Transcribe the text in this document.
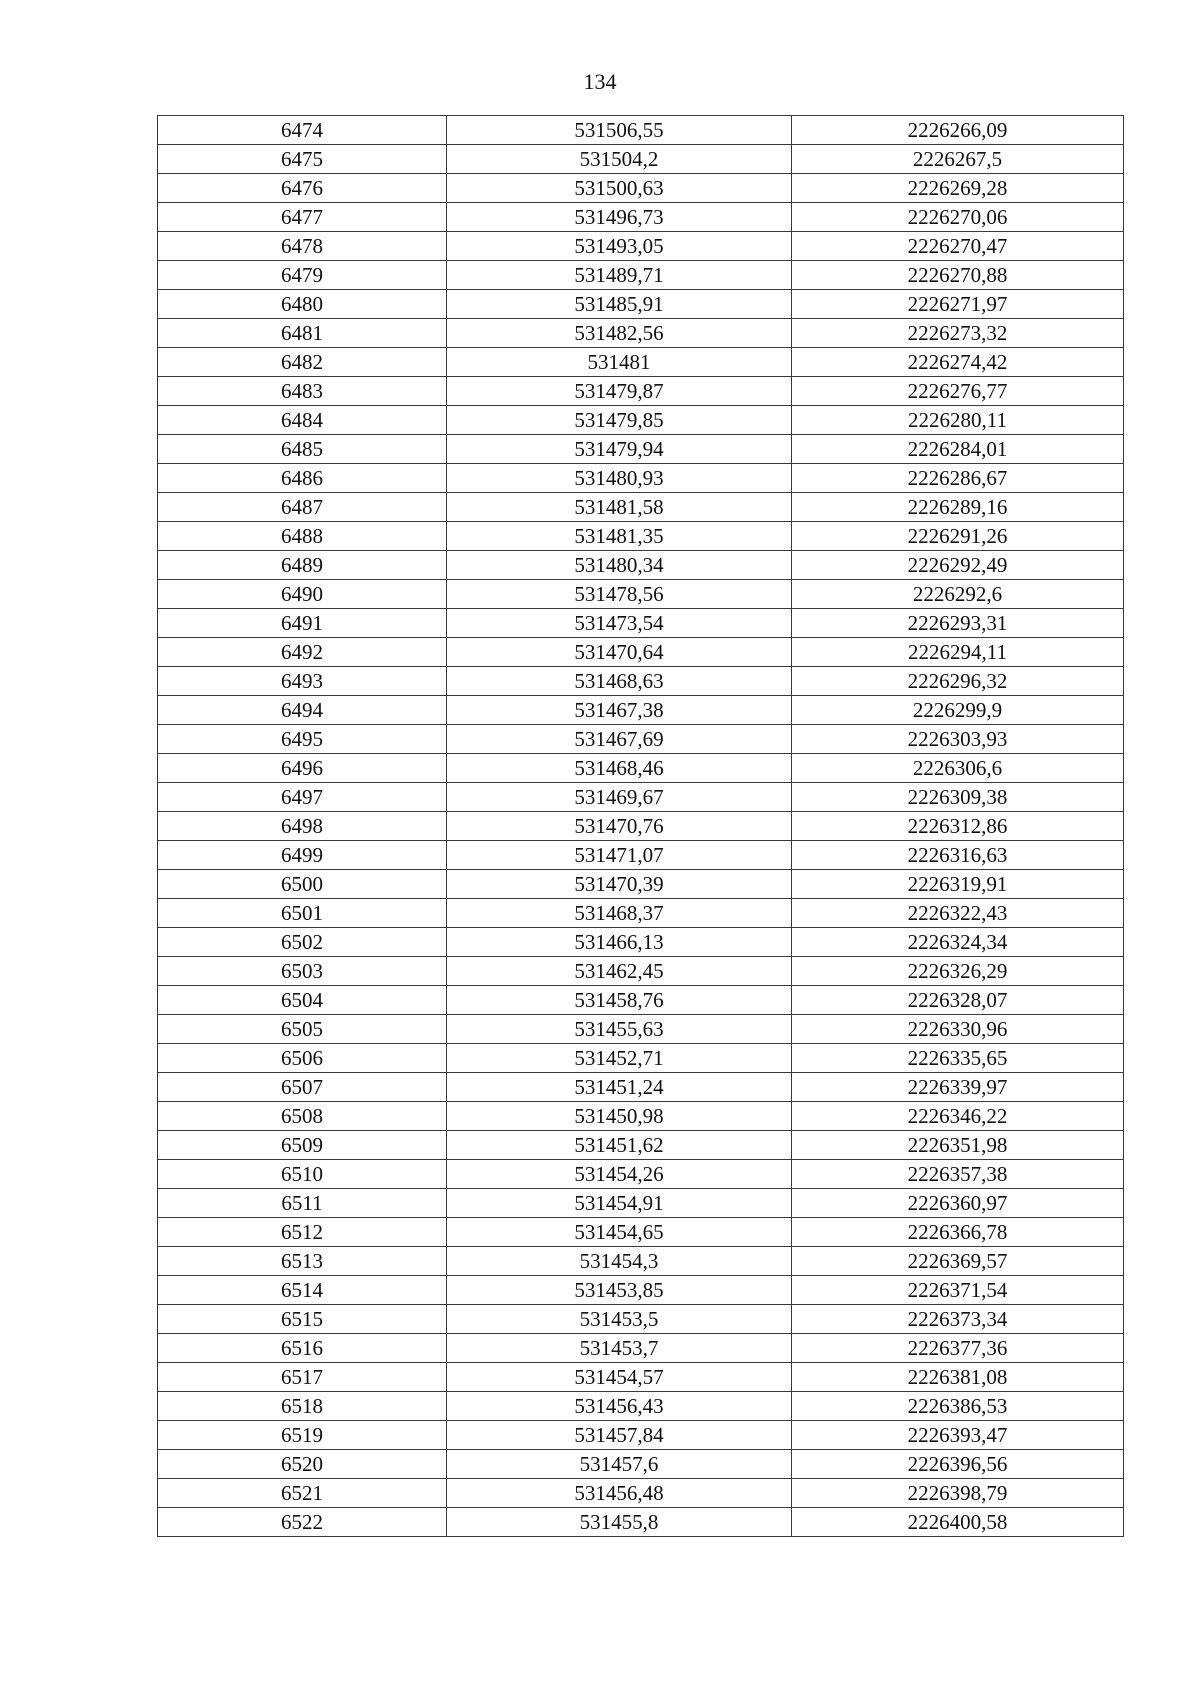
134
6474	531506,55	2226266,09
6475	531504,2	2226267,5
6476	531500,63	2226269,28
6477	531496,73	2226270,06
6478	531493,05	2226270,47
6479	531489,71	2226270,88
6480	531485,91	2226271,97
6481	531482,56	2226273,32
6482	531481	2226274,42
6483	531479,87	2226276,77
6484	531479,85	2226280,11
6485	531479,94	2226284,01
6486	531480,93	2226286,67
6487	531481,58	2226289,16
6488	531481,35	2226291,26
6489	531480,34	2226292,49
6490	531478,56	2226292,6
6491	531473,54	2226293,31
6492	531470,64	2226294,11
6493	531468,63	2226296,32
6494	531467,38	2226299,9
6495	531467,69	2226303,93
6496	531468,46	2226306,6
6497	531469,67	2226309,38
6498	531470,76	2226312,86
6499	531471,07	2226316,63
6500	531470,39	2226319,91
6501	531468,37	2226322,43
6502	531466,13	2226324,34
6503	531462,45	2226326,29
6504	531458,76	2226328,07
6505	531455,63	2226330,96
6506	531452,71	2226335,65
6507	531451,24	2226339,97
6508	531450,98	2226346,22
6509	531451,62	2226351,98
6510	531454,26	2226357,38
6511	531454,91	2226360,97
6512	531454,65	2226366,78
6513	531454,3	2226369,57
6514	531453,85	2226371,54
6515	531453,5	2226373,34
6516	531453,7	2226377,36
6517	531454,57	2226381,08
6518	531456,43	2226386,53
6519	531457,84	2226393,47
6520	531457,6	2226396,56
6521	531456,48	2226398,79
6522	531455,8	2226400,58
